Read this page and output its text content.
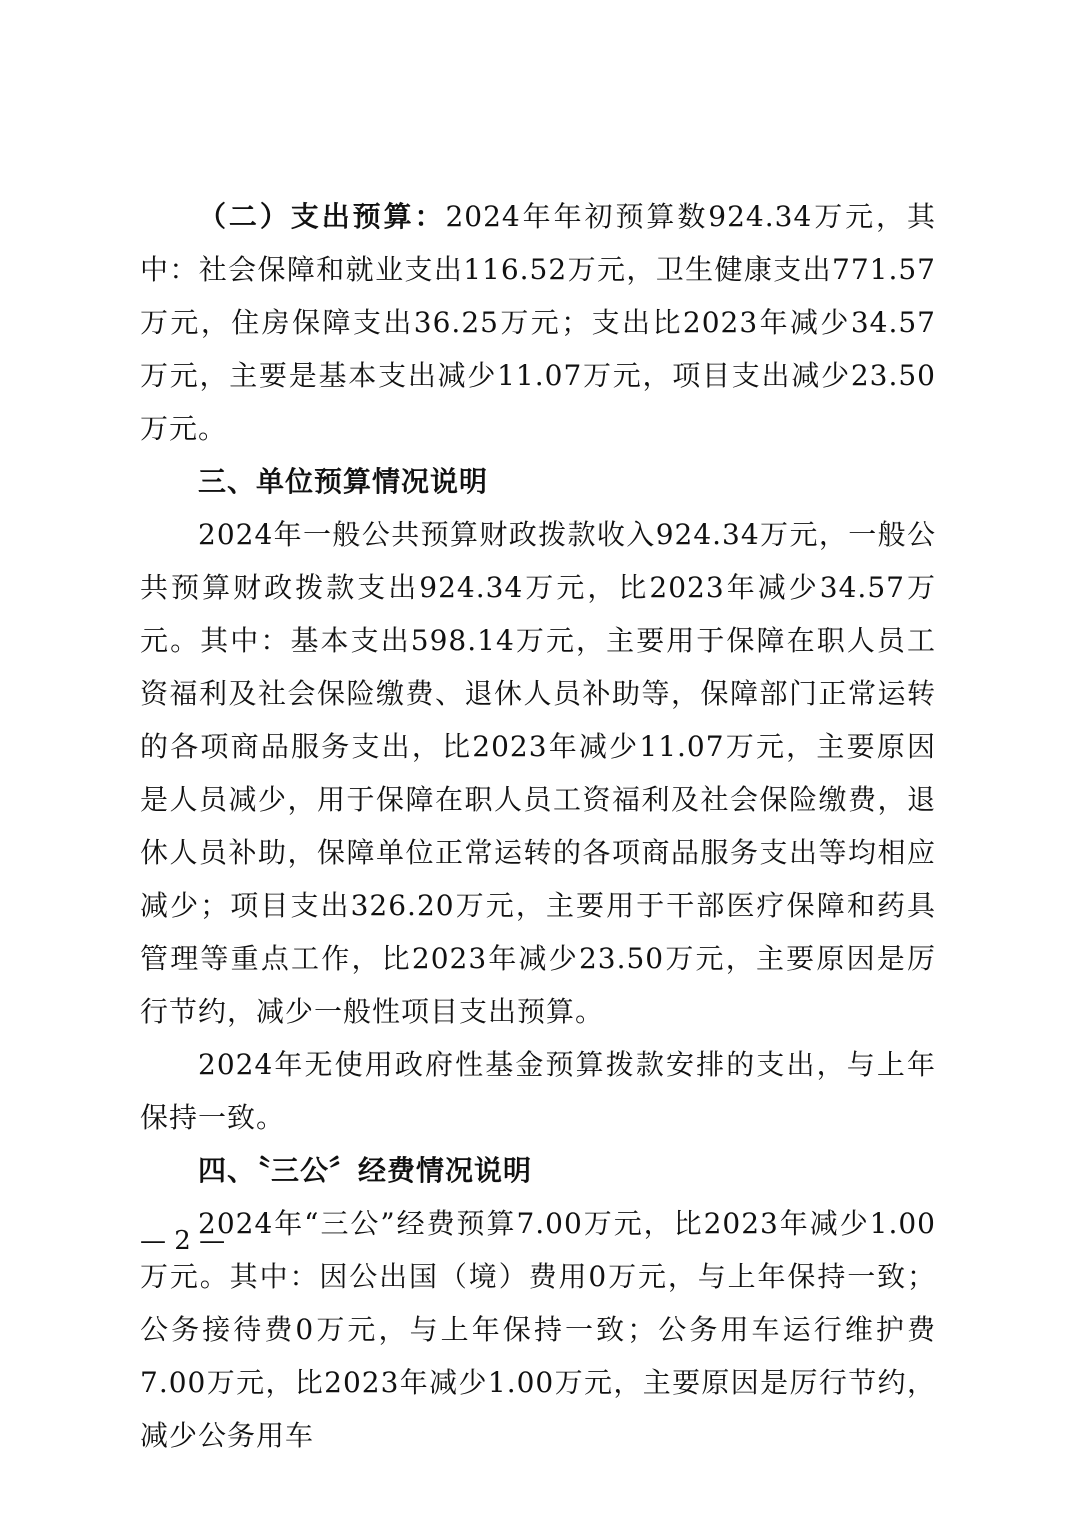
（二）支出预算：2024年年初预算数924.34万元，其中：社会保障和就业支出116.52万元，卫生健康支出771.57万元，住房保障支出36.25万元；支出比2023年减少34.57万元，主要是基本支出减少11.07万元，项目支出减少23.50万元。

三、单位预算情况说明

2024年一般公共预算财政拨款收入924.34万元，一般公共预算财政拨款支出924.34万元，比2023年减少34.57万元。其中：基本支出598.14万元，主要用于保障在职人员工资福利及社会保险缴费、退休人员补助等，保障部门正常运转的各项商品服务支出，比2023年减少11.07万元，主要原因是人员减少，用于保障在职人员工资福利及社会保险缴费，退休人员补助，保障单位正常运转的各项商品服务支出等均相应减少；项目支出326.20万元，主要用于干部医疗保障和药具管理等重点工作，比2023年减少23.50万元，主要原因是厉行节约，减少一般性项目支出预算。

2024年无使用政府性基金预算拨款安排的支出，与上年保持一致。

四、〝三公〞经费情况说明

2024年“三公”经费预算7.00万元，比2023年减少1.00万元。其中：因公出国（境）费用0万元，与上年保持一致；公务接待费0万元，与上年保持一致；公务用车运行维护费7.00万元，比2023年减少1.00万元，主要原因是厉行节约，减少公务用车

— 2 —
